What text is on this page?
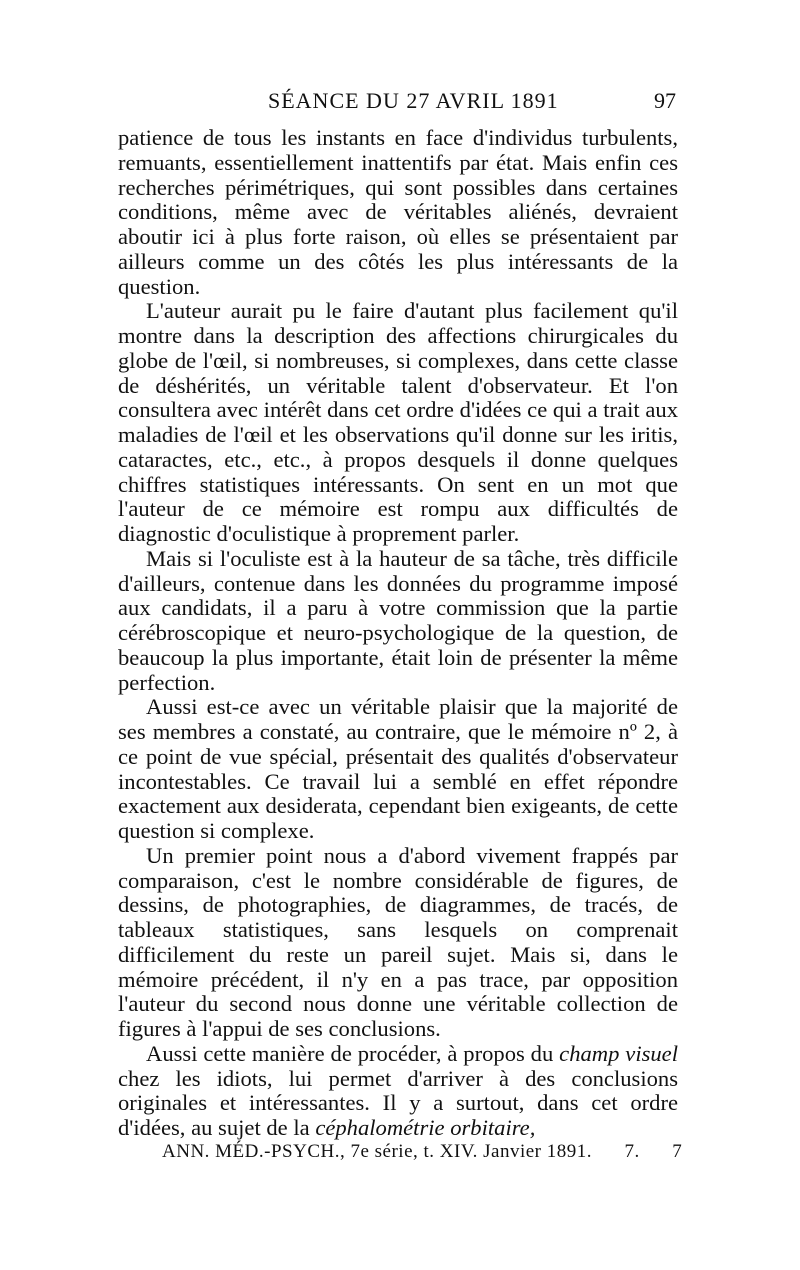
SÉANCE DU 27 AVRIL 1891	97

patience de tous les instants en face d'individus turbulents, remuants, essentiellement inattentifs par état. Mais enfin ces recherches périmétriques, qui sont possibles dans certaines conditions, même avec de véritables aliénés, devraient aboutir ici à plus forte raison, où elles se présentaient par ailleurs comme un des côtés les plus intéressants de la question.

L'auteur aurait pu le faire d'autant plus facilement qu'il montre dans la description des affections chirurgicales du globe de l'œil, si nombreuses, si complexes, dans cette classe de déshérités, un véritable talent d'observateur. Et l'on consultera avec intérêt dans cet ordre d'idées ce qui a trait aux maladies de l'œil et les observations qu'il donne sur les iritis, cataractes, etc., etc., à propos desquels il donne quelques chiffres statistiques intéressants. On sent en un mot que l'auteur de ce mémoire est rompu aux difficultés de diagnostic d'oculistique à proprement parler.

Mais si l'oculiste est à la hauteur de sa tâche, très difficile d'ailleurs, contenue dans les données du programme imposé aux candidats, il a paru à votre commission que la partie cérébroscopique et neuro-psychologique de la question, de beaucoup la plus importante, était loin de présenter la même perfection.

Aussi est-ce avec un véritable plaisir que la majorité de ses membres a constaté, au contraire, que le mémoire nº 2, à ce point de vue spécial, présentait des qualités d'observateur incontestables. Ce travail lui a semblé en effet répondre exactement aux desiderata, cependant bien exigeants, de cette question si complexe.

Un premier point nous a d'abord vivement frappés par comparaison, c'est le nombre considérable de figures, de dessins, de photographies, de diagrammes, de tracés, de tableaux statistiques, sans lesquels on comprenait difficilement du reste un pareil sujet. Mais si, dans le mémoire précédent, il n'y en a pas trace, par opposition l'auteur du second nous donne une véritable collection de figures à l'appui de ses conclusions.

Aussi cette manière de procéder, à propos du champ visuel chez les idiots, lui permet d'arriver à des conclusions originales et intéressantes. Il y a surtout, dans cet ordre d'idées, au sujet de la céphalométrie orbitaire,

ANN. MÉD.-PSYCH., 7e série, t. XIV. Janvier 1891. 7. 7
